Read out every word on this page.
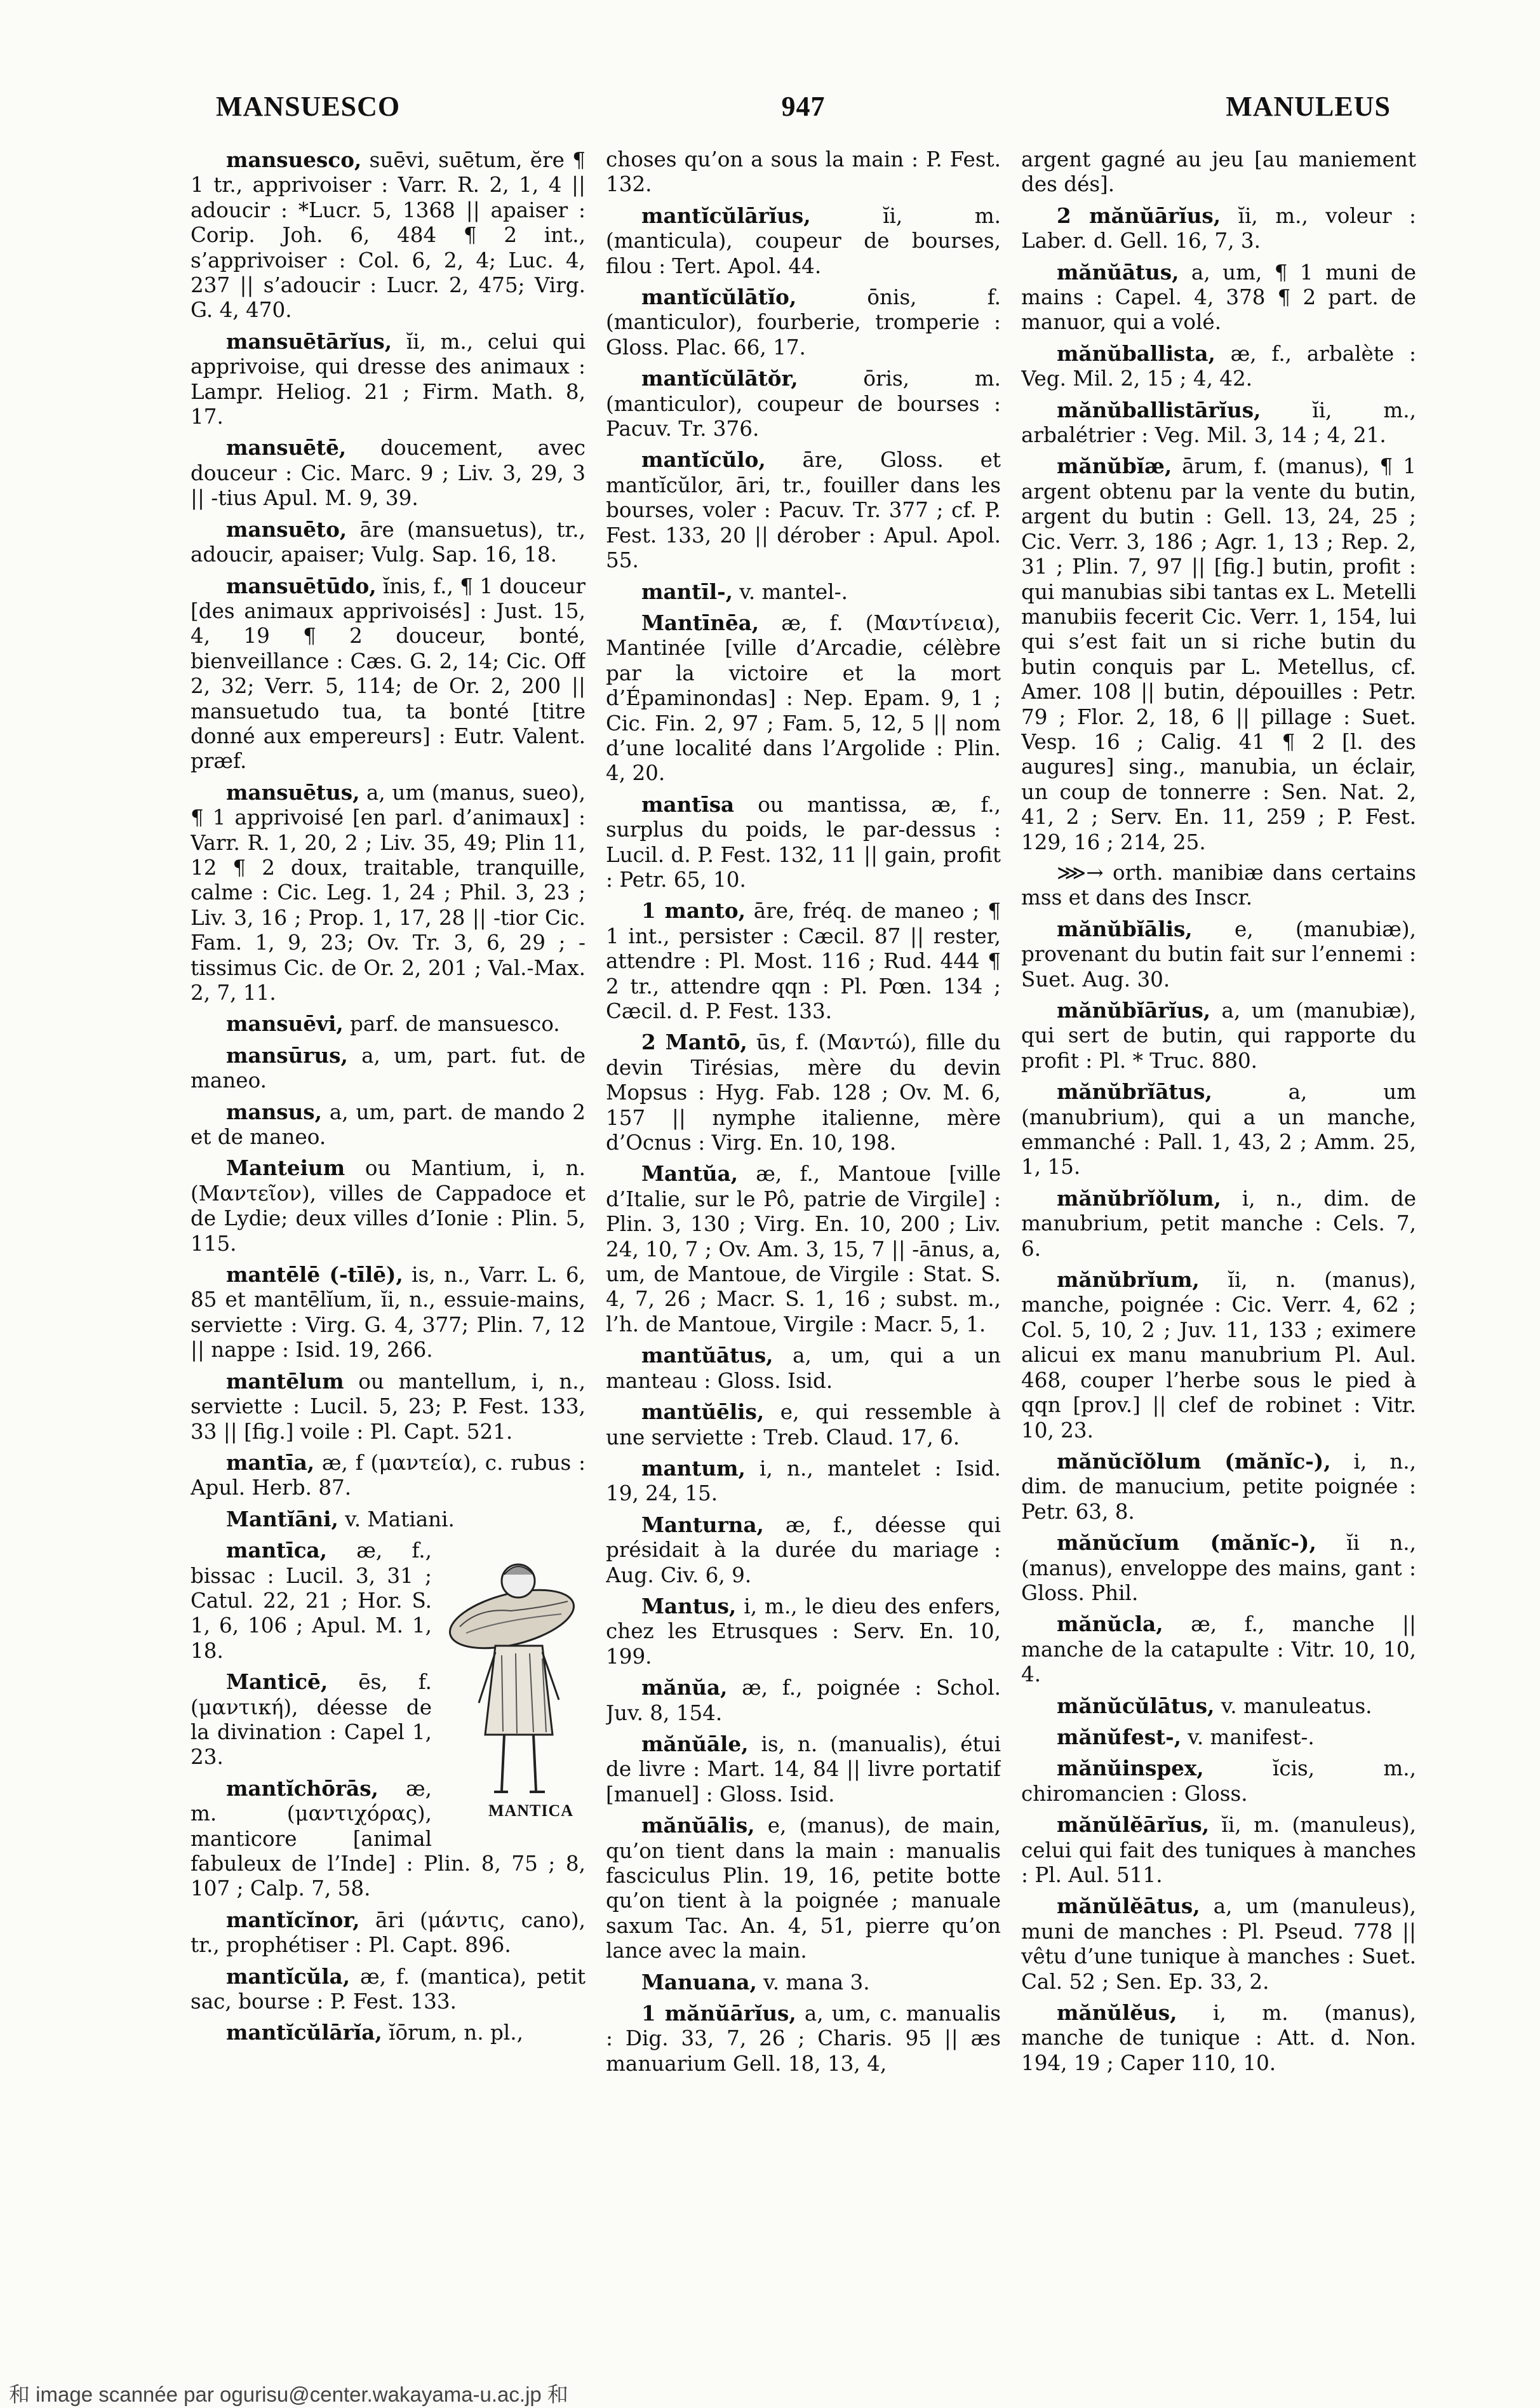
MANSUESCO	947	MANULEUS

mansuesco, suēvi, suētum, ĕre ¶ 1 tr., apprivoiser : Varr. R. 2, 1, 4 || adoucir : *Lucr. 5, 1368 || apaiser : Corip. Joh. 6, 484 ¶ 2 int., s’apprivoiser : Col. 6, 2, 4; Luc. 4, 237 || s’adoucir : Lucr. 2, 475; Virg. G. 4, 470.

mansuētārĭus, ĭi, m., celui qui apprivoise, qui dresse des animaux : Lampr. Heliog. 21 ; Firm. Math. 8, 17.

mansuētē, doucement, avec douceur : Cic. Marc. 9 ; Liv. 3, 29, 3 || -tius Apul. M. 9, 39.

mansuēto, āre (mansuetus), tr., adoucir, apaiser; Vulg. Sap. 16, 18.

mansuētūdo, ĭnis, f., ¶ 1 douceur [des animaux apprivoisés] : Just. 15, 4, 19 ¶ 2 douceur, bonté, bienveillance : Cæs. G. 2, 14; Cic. Off 2, 32; Verr. 5, 114; de Or. 2, 200 || mansuetudo tua, ta bonté [titre donné aux empereurs] : Eutr. Valent. præf.

mansuētus, a, um (manus, sueo), ¶ 1 apprivoisé [en parl. d’animaux] : Varr. R. 1, 20, 2 ; Liv. 35, 49; Plin 11, 12 ¶ 2 doux, traitable, tranquille, calme : Cic. Leg. 1, 24 ; Phil. 3, 23 ; Liv. 3, 16 ; Prop. 1, 17, 28 || -tior Cic. Fam. 1, 9, 23; Ov. Tr. 3, 6, 29 ; -tissimus Cic. de Or. 2, 201 ; Val.-Max. 2, 7, 11.

mansuēvi, parf. de mansuesco.

mansūrus, a, um, part. fut. de maneo.

mansus, a, um, part. de mando 2 et de maneo.

Manteium ou Mantium, i, n. (Μαντεῖον), villes de Cappadoce et de Lydie; deux villes d’Ionie : Plin. 5, 115.

mantēlē (-tīlē), is, n., Varr. L. 6, 85 et mantēlĭum, ĭi, n., essuie-mains, serviette : Virg. G. 4, 377; Plin. 7, 12 || nappe : Isid. 19, 266.

mantēlum ou mantellum, i, n., serviette : Lucil. 5, 23; P. Fest. 133, 33 || [fig.] voile : Pl. Capt. 521.

mantīa, æ, f (μαντεία), c. rubus : Apul. Herb. 87.

Mantĭāni, v. Matiani.

mantīca,
MANTICA
æ, f., bissac : Lucil. 3, 31 ; Catul. 22, 21 ; Hor. S. 1, 6, 106 ; Apul. M. 1, 18.

Manticē, ēs, f. (μαντική), déesse de la divination : Capel 1, 23.

mantĭchōrās, æ, m. (μαντιχόρας), manticore [animal fabuleux de l’Inde] : Plin. 8, 75 ; 8, 107 ; Calp. 7, 58.

mantĭcĭnor, āri (μάντις, cano), tr., prophétiser : Pl. Capt. 896.

mantĭcŭla, æ, f. (mantica), petit sac, bourse : P. Fest. 133.

mantĭcŭlārĭa, ĭōrum, n. pl.,

choses qu’on a sous la main : P. Fest. 132.

mantĭcŭlārĭus, ĭi, m. (manticula), coupeur de bourses, filou : Tert. Apol. 44.

mantĭcŭlātĭo, ōnis, f. (manticulor), fourberie, tromperie : Gloss. Plac. 66, 17.

mantĭcŭlātŏr, ōris, m. (manticulor), coupeur de bourses : Pacuv. Tr. 376.

mantĭcŭlo, āre, Gloss. et mantĭcŭlor, āri, tr., fouiller dans les bourses, voler : Pacuv. Tr. 377 ; cf. P. Fest. 133, 20 || dérober : Apul. Apol. 55.

mantīl-, v. mantel-.

Mantīnēa, æ, f. (Μαντίνεια), Mantinée [ville d’Arcadie, célèbre par la victoire et la mort d’Épaminondas] : Nep. Epam. 9, 1 ; Cic. Fin. 2, 97 ; Fam. 5, 12, 5 || nom d’une localité dans l’Argolide : Plin. 4, 20.

mantīsa ou mantissa, æ, f., surplus du poids, le par-dessus : Lucil. d. P. Fest. 132, 11 || gain, profit : Petr. 65, 10.

1 manto, āre, fréq. de maneo ; ¶ 1 int., persister : Cæcil. 87 || rester, attendre : Pl. Most. 116 ; Rud. 444 ¶ 2 tr., attendre qqn : Pl. Pœn. 134 ; Cæcil. d. P. Fest. 133.

2 Mantō, ūs, f. (Μαντώ), fille du devin Tirésias, mère du devin Mopsus : Hyg. Fab. 128 ; Ov. M. 6, 157 || nymphe italienne, mère d’Ocnus : Virg. En. 10, 198.

Mantŭa, æ, f., Mantoue [ville d’Italie, sur le Pô, patrie de Virgile] : Plin. 3, 130 ; Virg. En. 10, 200 ; Liv. 24, 10, 7 ; Ov. Am. 3, 15, 7 || -ānus, a, um, de Mantoue, de Virgile : Stat. S. 4, 7, 26 ; Macr. S. 1, 16 ; subst. m., l’h. de Mantoue, Virgile : Macr. 5, 1.

mantŭātus, a, um, qui a un manteau : Gloss. Isid.

mantŭēlis, e, qui ressemble à une serviette : Treb. Claud. 17, 6.

mantum, i, n., mantelet : Isid. 19, 24, 15.

Manturna, æ, f., déesse qui présidait à la durée du mariage : Aug. Civ. 6, 9.

Mantus, i, m., le dieu des enfers, chez les Etrusques : Serv. En. 10, 199.

mănŭa, æ, f., poignée : Schol. Juv. 8, 154.

mănŭāle, is, n. (manualis), étui de livre : Mart. 14, 84 || livre portatif [manuel] : Gloss. Isid.

mănŭālis, e, (manus), de main, qu’on tient dans la main : manualis fasciculus Plin. 19, 16, petite botte qu’on tient à la poignée ; manuale saxum Tac. An. 4, 51, pierre qu’on lance avec la main.

Manuana, v. mana 3.

1 mănŭārĭus, a, um, c. manualis : Dig. 33, 7, 26 ; Charis. 95 || æs manuarium Gell. 18, 13, 4,

argent gagné au jeu [au maniement des dés].

2 mănŭārĭus, ĭi, m., voleur : Laber. d. Gell. 16, 7, 3.

mănŭātus, a, um, ¶ 1 muni de mains : Capel. 4, 378 ¶ 2 part. de manuor, qui a volé.

mănŭballista, æ, f., arbalète : Veg. Mil. 2, 15 ; 4, 42.

mănŭballistārĭus, ĭi, m., arbalétrier : Veg. Mil. 3, 14 ; 4, 21.

mănŭbĭæ, ārum, f. (manus), ¶ 1 argent obtenu par la vente du butin, argent du butin : Gell. 13, 24, 25 ; Cic. Verr. 3, 186 ; Agr. 1, 13 ; Rep. 2, 31 ; Plin. 7, 97 || [fig.] butin, profit : qui manubias sibi tantas ex L. Metelli manubiis fecerit Cic. Verr. 1, 154, lui qui s’est fait un si riche butin du butin conquis par L. Metellus, cf. Amer. 108 || butin, dépouilles : Petr. 79 ; Flor. 2, 18, 6 || pillage : Suet. Vesp. 16 ; Calig. 41 ¶ 2 [l. des augures] sing., manubia, un éclair, un coup de tonnerre : Sen. Nat. 2, 41, 2 ; Serv. En. 11, 259 ; P. Fest. 129, 16 ; 214, 25.

⋙→ orth. manibiæ dans certains mss et dans des Inscr.

mănŭbĭālis, e, (manubiæ), provenant du butin fait sur l’ennemi : Suet. Aug. 30.

mănŭbĭārĭus, a, um (manubiæ), qui sert de butin, qui rapporte du profit : Pl. * Truc. 880.

mănŭbrĭātus, a, um (manubrium), qui a un manche, emmanché : Pall. 1, 43, 2 ; Amm. 25, 1, 15.

mănŭbrĭŏlum, i, n., dim. de manubrium, petit manche : Cels. 7, 6.

mănŭbrĭum, ĭi, n. (manus), manche, poignée : Cic. Verr. 4, 62 ; Col. 5, 10, 2 ; Juv. 11, 133 ; eximere alicui ex manu manubrium Pl. Aul. 468, couper l’herbe sous le pied à qqn [prov.] || clef de robinet : Vitr. 10, 23.

mănŭcĭŏlum (mănĭc-), i, n., dim. de manucium, petite poignée : Petr. 63, 8.

mănŭcĭum (mănĭc-), ĭi n., (manus), enveloppe des mains, gant : Gloss. Phil.

mănŭcla, æ, f., manche || manche de la catapulte : Vitr. 10, 10, 4.

mănŭcŭlātus, v. manuleatus.

mănŭfest-, v. manifest-.

mănŭinspex, ĭcis, m., chiromancien : Gloss.

mănŭlĕārĭus, ĭi, m. (manuleus), celui qui fait des tuniques à manches : Pl. Aul. 511.

mănŭlĕātus, a, um (manuleus), muni de manches : Pl. Pseud. 778 || vêtu d’une tunique à manches : Suet. Cal. 52 ; Sen. Ep. 33, 2.

mănŭlĕus, i, m. (manus), manche de tunique : Att. d. Non. 194, 19 ; Caper 110, 10.

和 image scannée par ogurisu@center.wakayama-u.ac.jp 和
